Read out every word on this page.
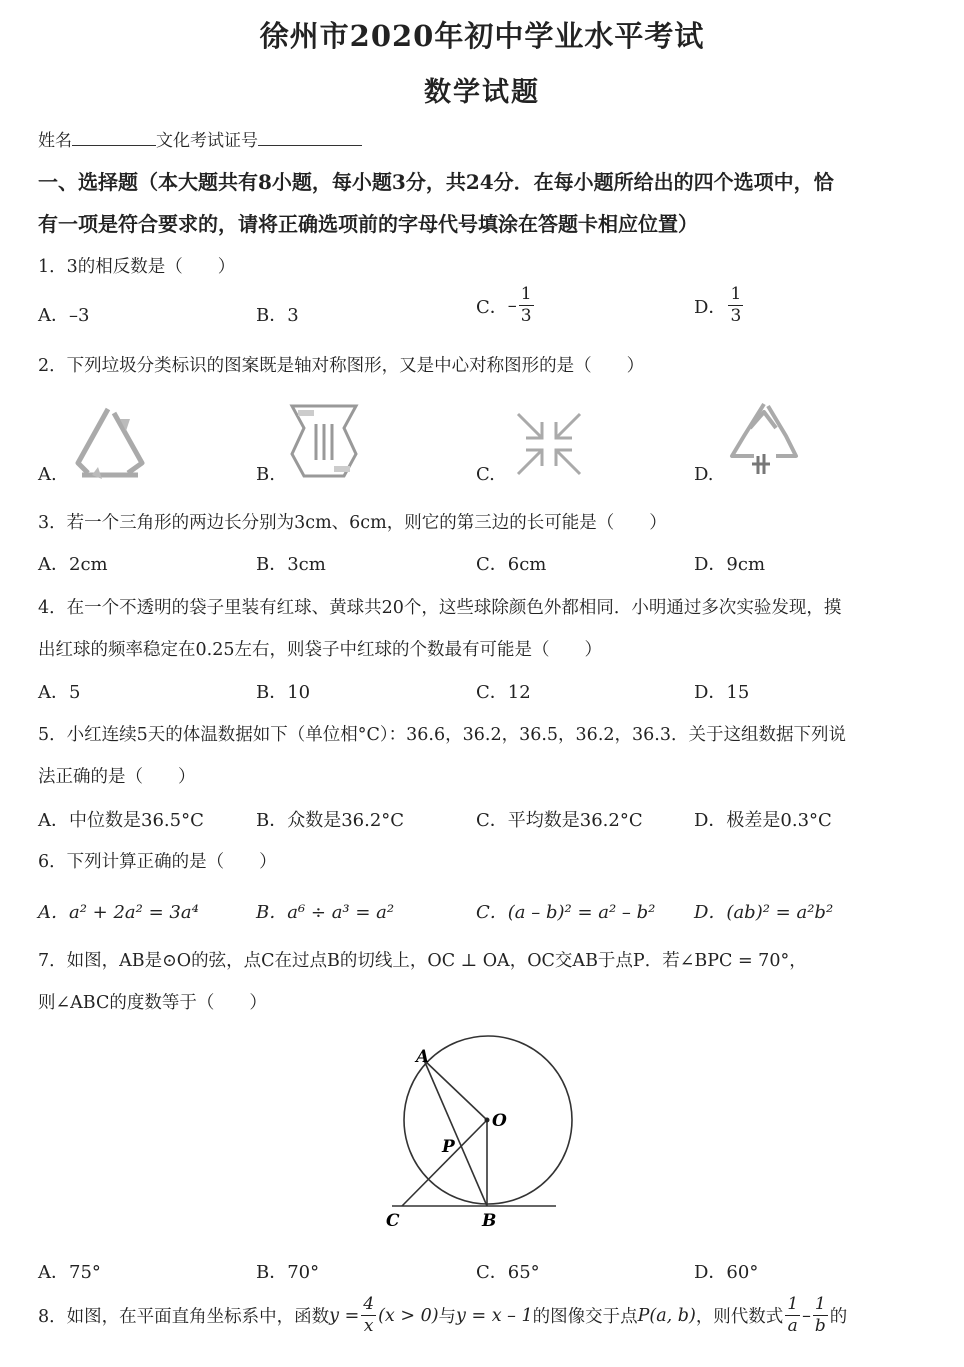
徐州市2020年初中学业水平考试
数学试题
姓名	文化考试证号
一、选择题（本大题共有8小题，每小题3分，共24分．在每小题所给出的四个选项中，恰
有一项是符合要求的，请将正确选项前的字母代号填涂在答题卡相应位置）
1．3的相反数是（　　）
A．–3	B．3	C． – $\frac{1}{3}$	D． $\frac{1}{3}$
2．下列垃圾分类标识的图案既是轴对称图形，又是中心对称图形的是（　　）
A.	B.	C.	D.
3．若一个三角形的两边长分别为3cm、6cm，则它的第三边的长可能是（　　）
A．2cm	B．3cm	C．6cm	D．9cm
4．在一个不透明的袋子里装有红球、黄球共20个，这些球除颜色外都相同．小明通过多次实验发现，摸
出红球的频率稳定在0.25左右，则袋子中红球的个数最有可能是（　　）
A．5	B．10	C．12	D．15
5．小红连续5天的体温数据如下（单位相°C）：36.6，36.2，36.5，36.2，36.3．关于这组数据下列说
法正确的是（　　）
A．中位数是36.5°C	B．众数是36.2°C	C．平均数是36.2°C	D．极差是0.3°C
6．下列计算正确的是（　　）
A．a² + 2a² = 3a⁴	B．a⁶ ÷ a³ = a²	C．(a – b)² = a² – b² D．(ab)² = a²b²
7．如图，AB是⊙O的弦，点C在过点B的切线上，OC ⊥ OA，OC交AB于点P．若∠BPC = 70°，
则∠ABC的度数等于（　　）
A
O
P
C	B
A．75°	B．70°	C．65°	D．60°
8．如图，在平面直角坐标系中，函数 $y = \frac{4}{x} (x > 0)$ 与 y = x – 1 的图像交于点 P(a, b) ，则代数式 $\frac{1}{a} - \frac{1}{b}$ 的
